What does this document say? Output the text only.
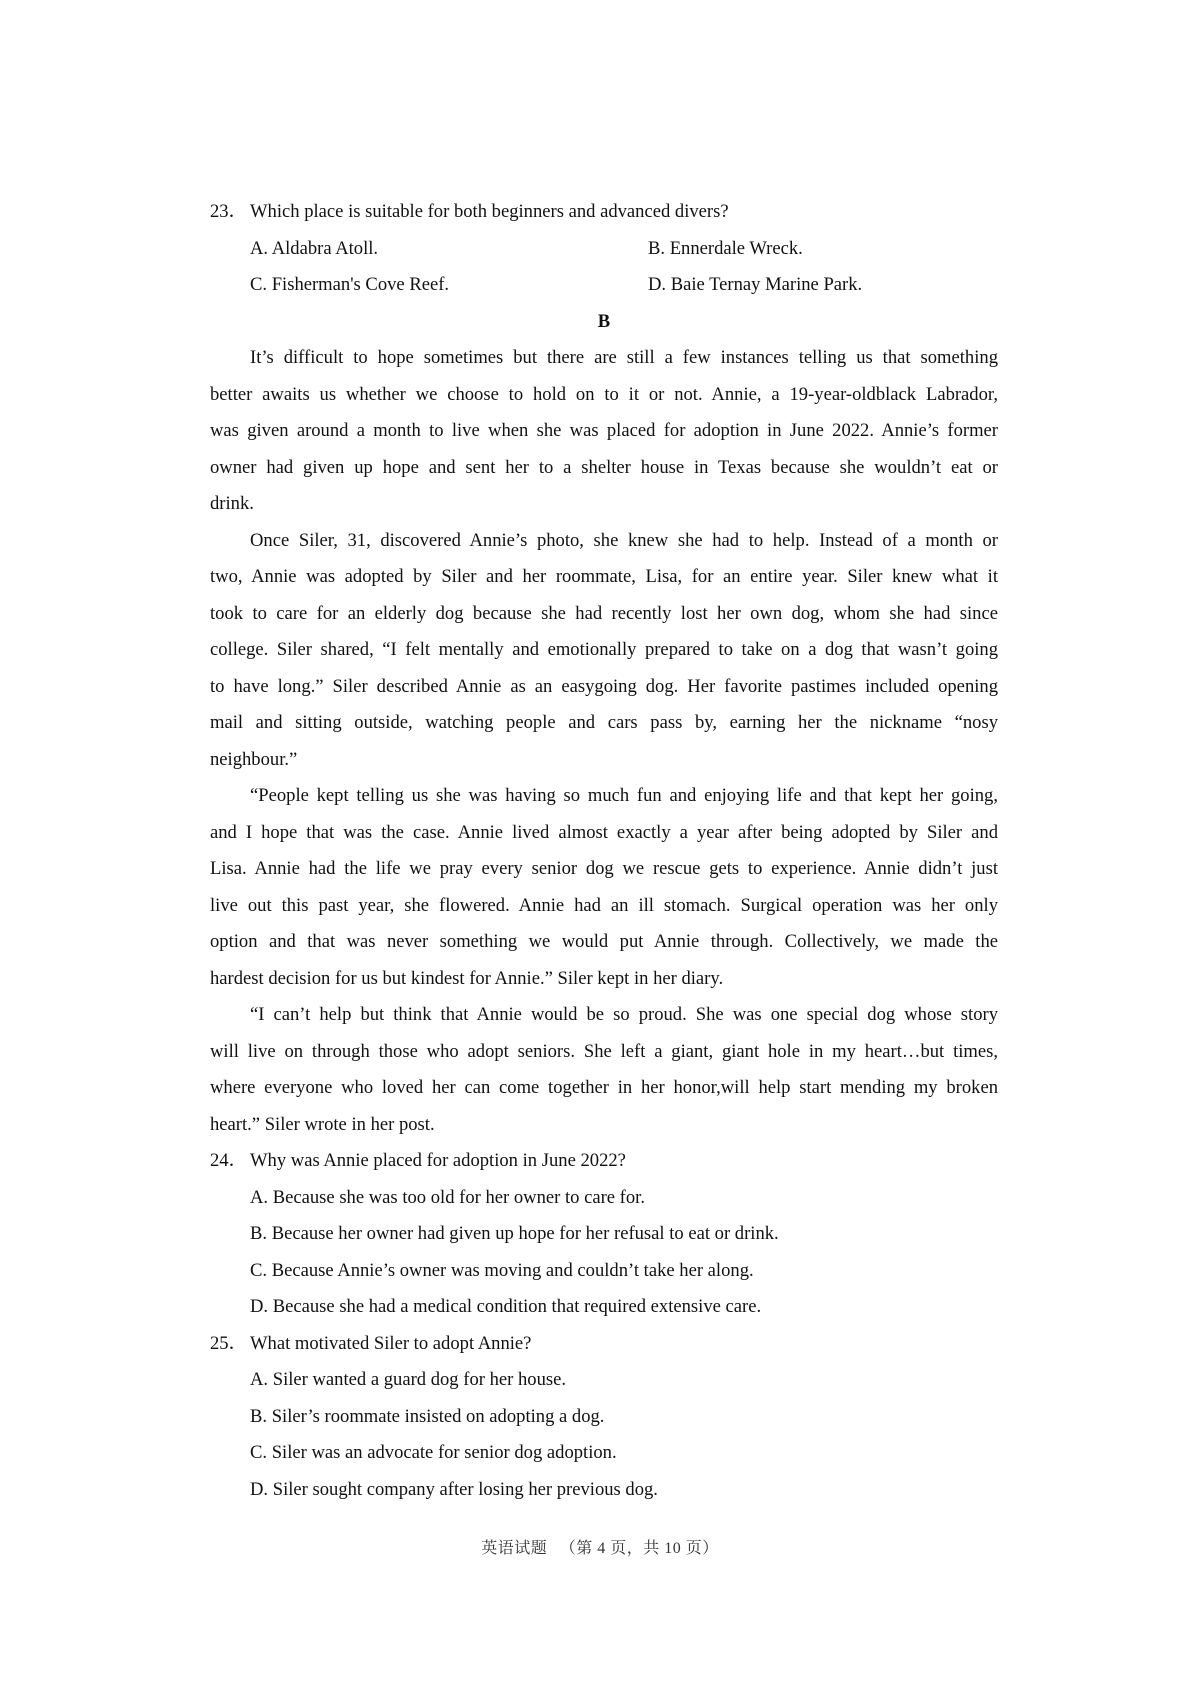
23． Which place is suitable for both beginners and advanced divers?
A. Aldabra Atoll.	B. Ennerdale Wreck.
C. Fisherman's Cove Reef.	D. Baie Ternay Marine Park.
B
It’s difficult to hope sometimes but there are still a few instances telling us that something
better awaits us whether we choose to hold on to it or not. Annie, a 19-year-oldblack Labrador,
was given around a month to live when she was placed for adoption in June 2022. Annie’s former
owner had given up hope and sent her to a shelter house in Texas because she wouldn’t eat or
drink.
Once Siler, 31, discovered Annie’s photo, she knew she had to help. Instead of a month or
two, Annie was adopted by Siler and her roommate, Lisa, for an entire year. Siler knew what it
took to care for an elderly dog because she had recently lost her own dog, whom she had since
college. Siler shared, “I felt mentally and emotionally prepared to take on a dog that wasn’t going
to have long.” Siler described Annie as an easygoing dog. Her favorite pastimes included opening
mail and sitting outside, watching people and cars pass by, earning her the nickname “nosy
neighbour.”
“People kept telling us she was having so much fun and enjoying life and that kept her going,
and I hope that was the case. Annie lived almost exactly a year after being adopted by Siler and
Lisa. Annie had the life we pray every senior dog we rescue gets to experience. Annie didn’t just
live out this past year, she flowered. Annie had an ill stomach. Surgical operation was her only
option and that was never something we would put Annie through. Collectively, we made the
hardest decision for us but kindest for Annie.” Siler kept in her diary.
“I can’t help but think that Annie would be so proud. She was one special dog whose story
will live on through those who adopt seniors. She left a giant, giant hole in my heart…but times,
where everyone who loved her can come together in her honor,will help start mending my broken
heart.” Siler wrote in her post.
24． Why was Annie placed for adoption in June 2022?
A. Because she was too old for her owner to care for.
B. Because her owner had given up hope for her refusal to eat or drink.
C. Because Annie’s owner was moving and couldn’t take her along.
D. Because she had a medical condition that required extensive care.
25． What motivated Siler to adopt Annie?
A. Siler wanted a guard dog for her house.
B. Siler’s roommate insisted on adopting a dog.
C. Siler was an advocate for senior dog adoption.
D. Siler sought company after losing her previous dog.
英语试题 （第 4 页，共 10 页）
